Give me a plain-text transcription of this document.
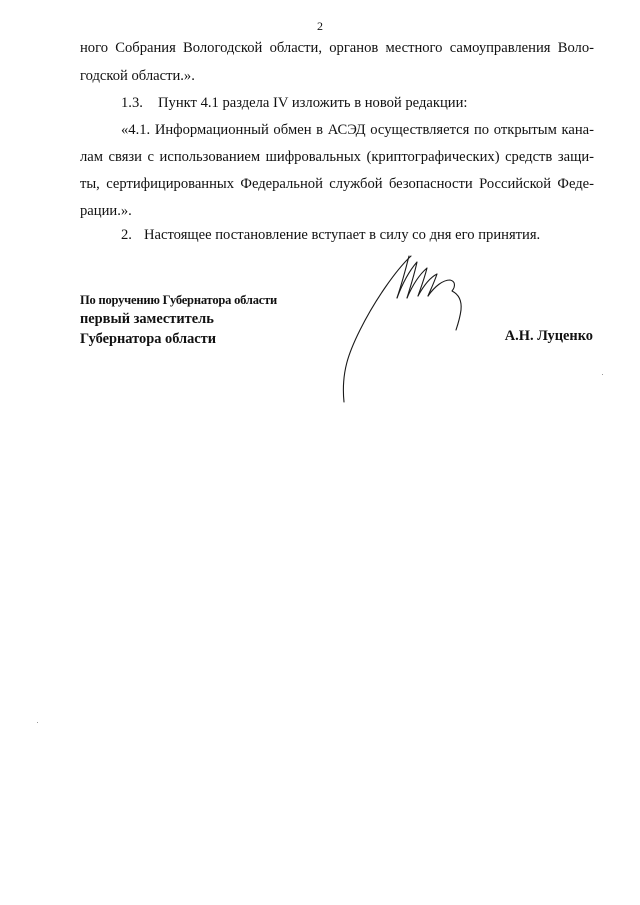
2
ного Собрания Вологодской области, органов местного самоуправления Воло-
годской области.».
1.3. Пункт 4.1 раздела IV изложить в новой редакции:
«4.1. Информационный обмен в АСЭД осуществляется по открытым кана-
лам связи с использованием шифровальных (криптографических) средств защи-
ты, сертифицированных Федеральной службой безопасности Российской Феде-
рации.».
2. Настоящее постановление вступает в силу со дня его принятия.
По поручению Губернатора области
первый заместитель
Губернатора области	А.Н. Луценко
